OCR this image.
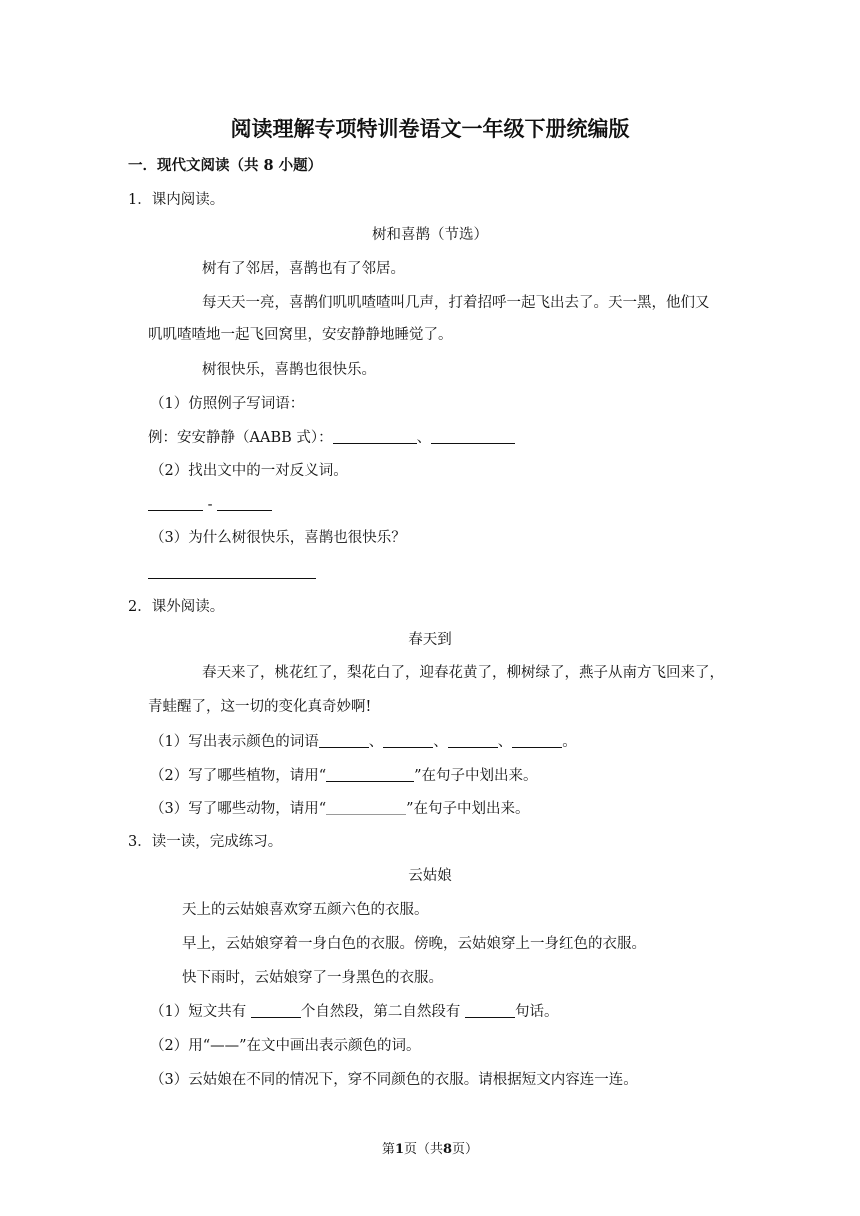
阅读理解专项特训卷语文一年级下册统编版
一．现代文阅读（共 8 小题）
1．课内阅读。
树和喜鹊（节选）
树有了邻居，喜鹊也有了邻居。
每天天一亮，喜鹊们叽叽喳喳叫几声，打着招呼一起飞出去了。天一黑，他们又
叽叽喳喳地一起飞回窝里，安安静静地睡觉了。
树很快乐，喜鹊也很快乐。
（1）仿照例子写词语：
例：安安静静（AABB 式）：	、
（2）找出文中的一对反义词。
-
（3）为什么树很快乐，喜鹊也很快乐？
2．课外阅读。
春天到
春天来了，桃花红了，梨花白了，迎春花黄了，柳树绿了，燕子从南方飞回来了，
青蛙醒了，这一切的变化真奇妙啊!
（1）写出表示颜色的词语	、	、	、	。
（2）写了哪些植物，请用“	”在句子中划出来。
（3）写了哪些动物，请用“	”在句子中划出来。
3．读一读，完成练习。
云姑娘
天上的云姑娘喜欢穿五颜六色的衣服。
早上，云姑娘穿着一身白色的衣服。傍晚，云姑娘穿上一身红色的衣服。
快下雨时，云姑娘穿了一身黑色的衣服。
（1）短文共有	个自然段，第二自然段有	句话。
（2）用“——”在文中画出表示颜色的词。
（3）云姑娘在不同的情况下，穿不同颜色的衣服。请根据短文内容连一连。
第1页（共8页）
